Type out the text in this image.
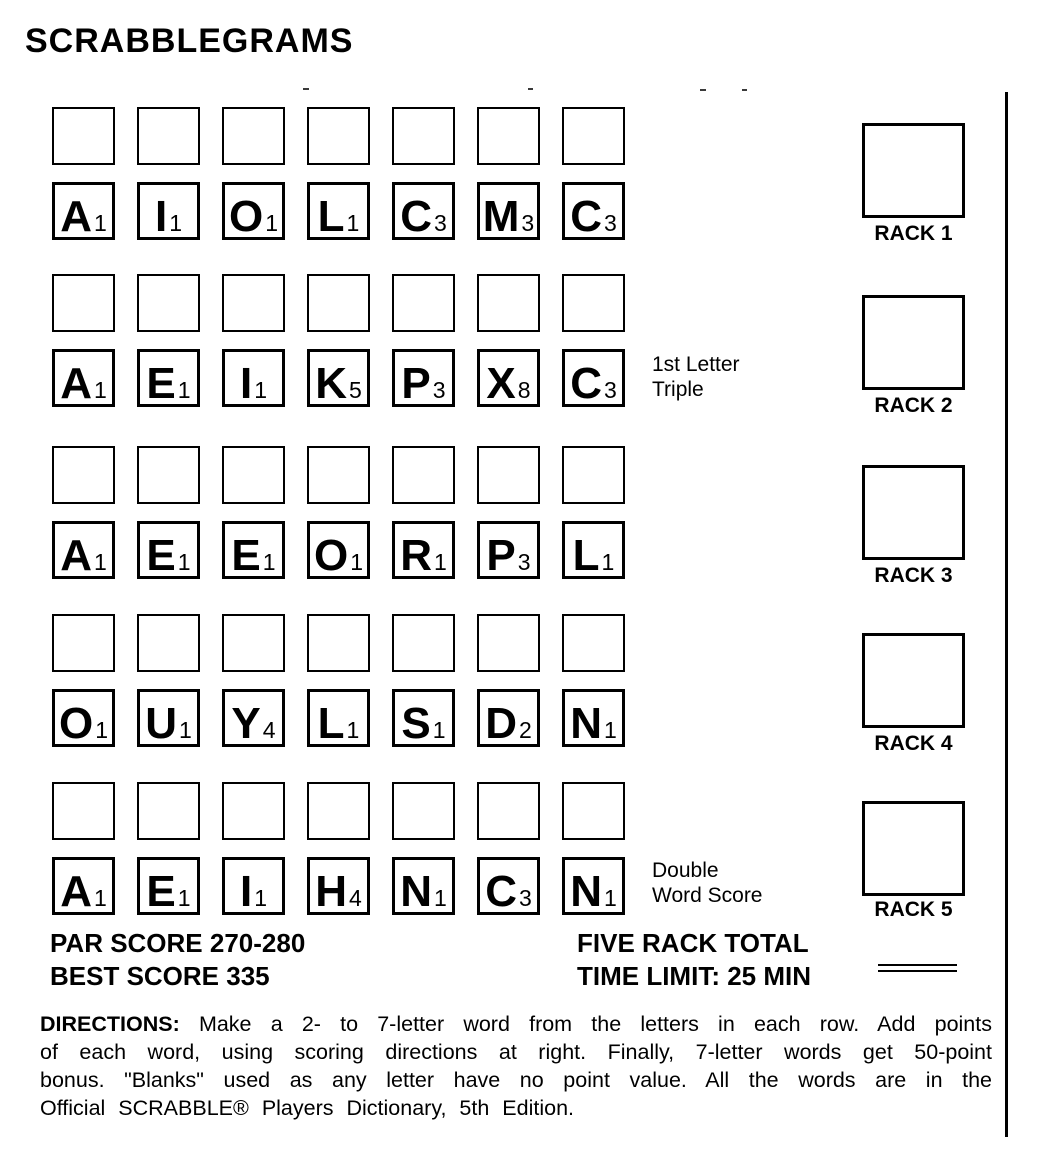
SCRABBLEGRAMS
A 1 I 1 O 1 L 1 C 3 M 3 C 3
A 1 E 1 I 1 K 5 P 3 X 8 C 3
1st Letter
Triple
A 1 E 1 E 1 O 1 R 1 P 3 L 1
O 1 U 1 Y 4 L 1 S 1 D 2 N 1
A 1 E 1 I 1 H 4 N 1 C 3 N 1
Double
Word Score
RACK 1
RACK 2
RACK 3
RACK 4
RACK 5
PAR SCORE 270-280
BEST SCORE 335
FIVE RACK TOTAL
TIME LIMIT: 25 MIN
DIRECTIONS: Make a 2- to 7-letter word from the letters in each row. Add points
of each word, using scoring directions at right. Finally, 7-letter words get 50-point
bonus. "Blanks" used as any letter have no point value. All the words are in the
Official SCRABBLE® Players Dictionary, 5th Edition.
